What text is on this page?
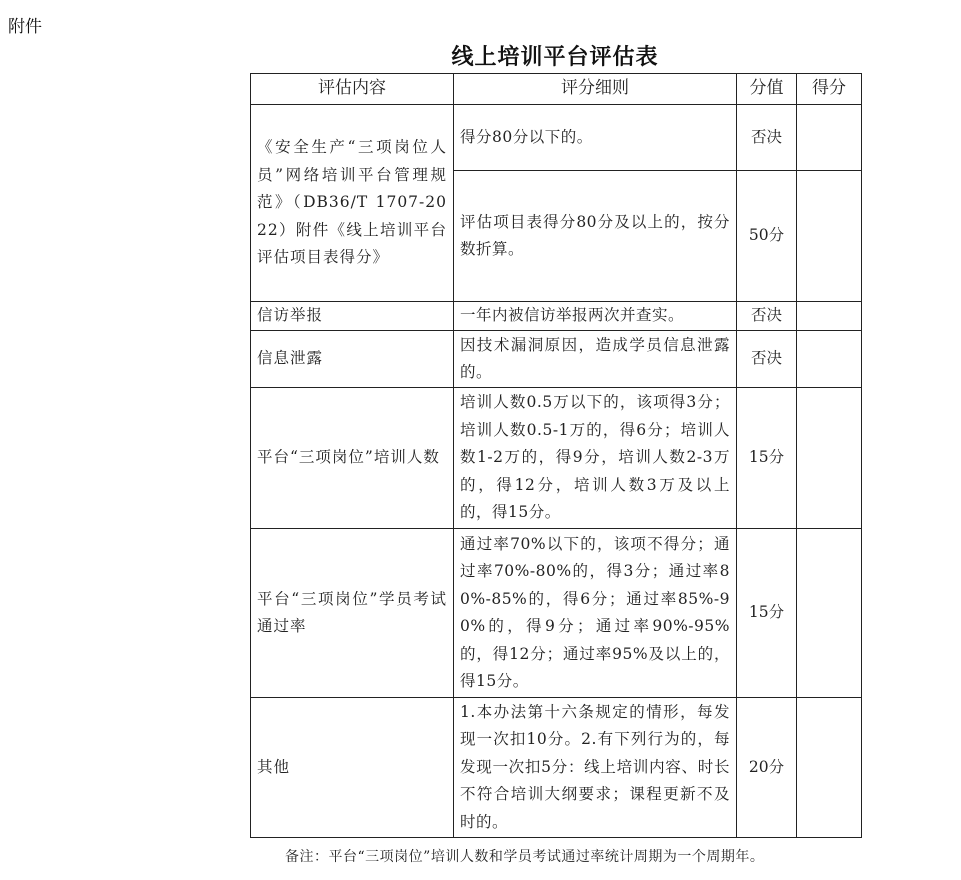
附件
线上培训平台评估表
评估内容	评分细则	分值	得分
《安全生产“三项岗位人员”网络培训平台管理规范》（DB36/T 1707-2022）附件《线上培训平台评估项目表得分》	得分80分以下的。	否决	
	评估项目表得分80分及以上的，按分数折算。	50分	
信访举报	一年内被信访举报两次并查实。	否决	
信息泄露	因技术漏洞原因，造成学员信息泄露的。	否决	
平台“三项岗位”培训人数	培训人数0.5万以下的，该项得3分；培训人数0.5-1万的，得6分；培训人数1-2万的，得9分，培训人数2-3万的，得12分，培训人数3万及以上的，得15分。	15分	
平台“三项岗位”学员考试通过率	通过率70%以下的，该项不得分；通过率70%-80%的，得3分；通过率80%-85%的，得6分；通过率85%-90%的，得9分；通过率90%-95%的，得12分；通过率95%及以上的，得15分。	15分	
其他	1.本办法第十六条规定的情形，每发现一次扣10分。2.有下列行为的，每发现一次扣5分：线上培训内容、时长不符合培训大纲要求；课程更新不及时的。	20分	
备注：平台“三项岗位”培训人数和学员考试通过率统计周期为一个周期年。
